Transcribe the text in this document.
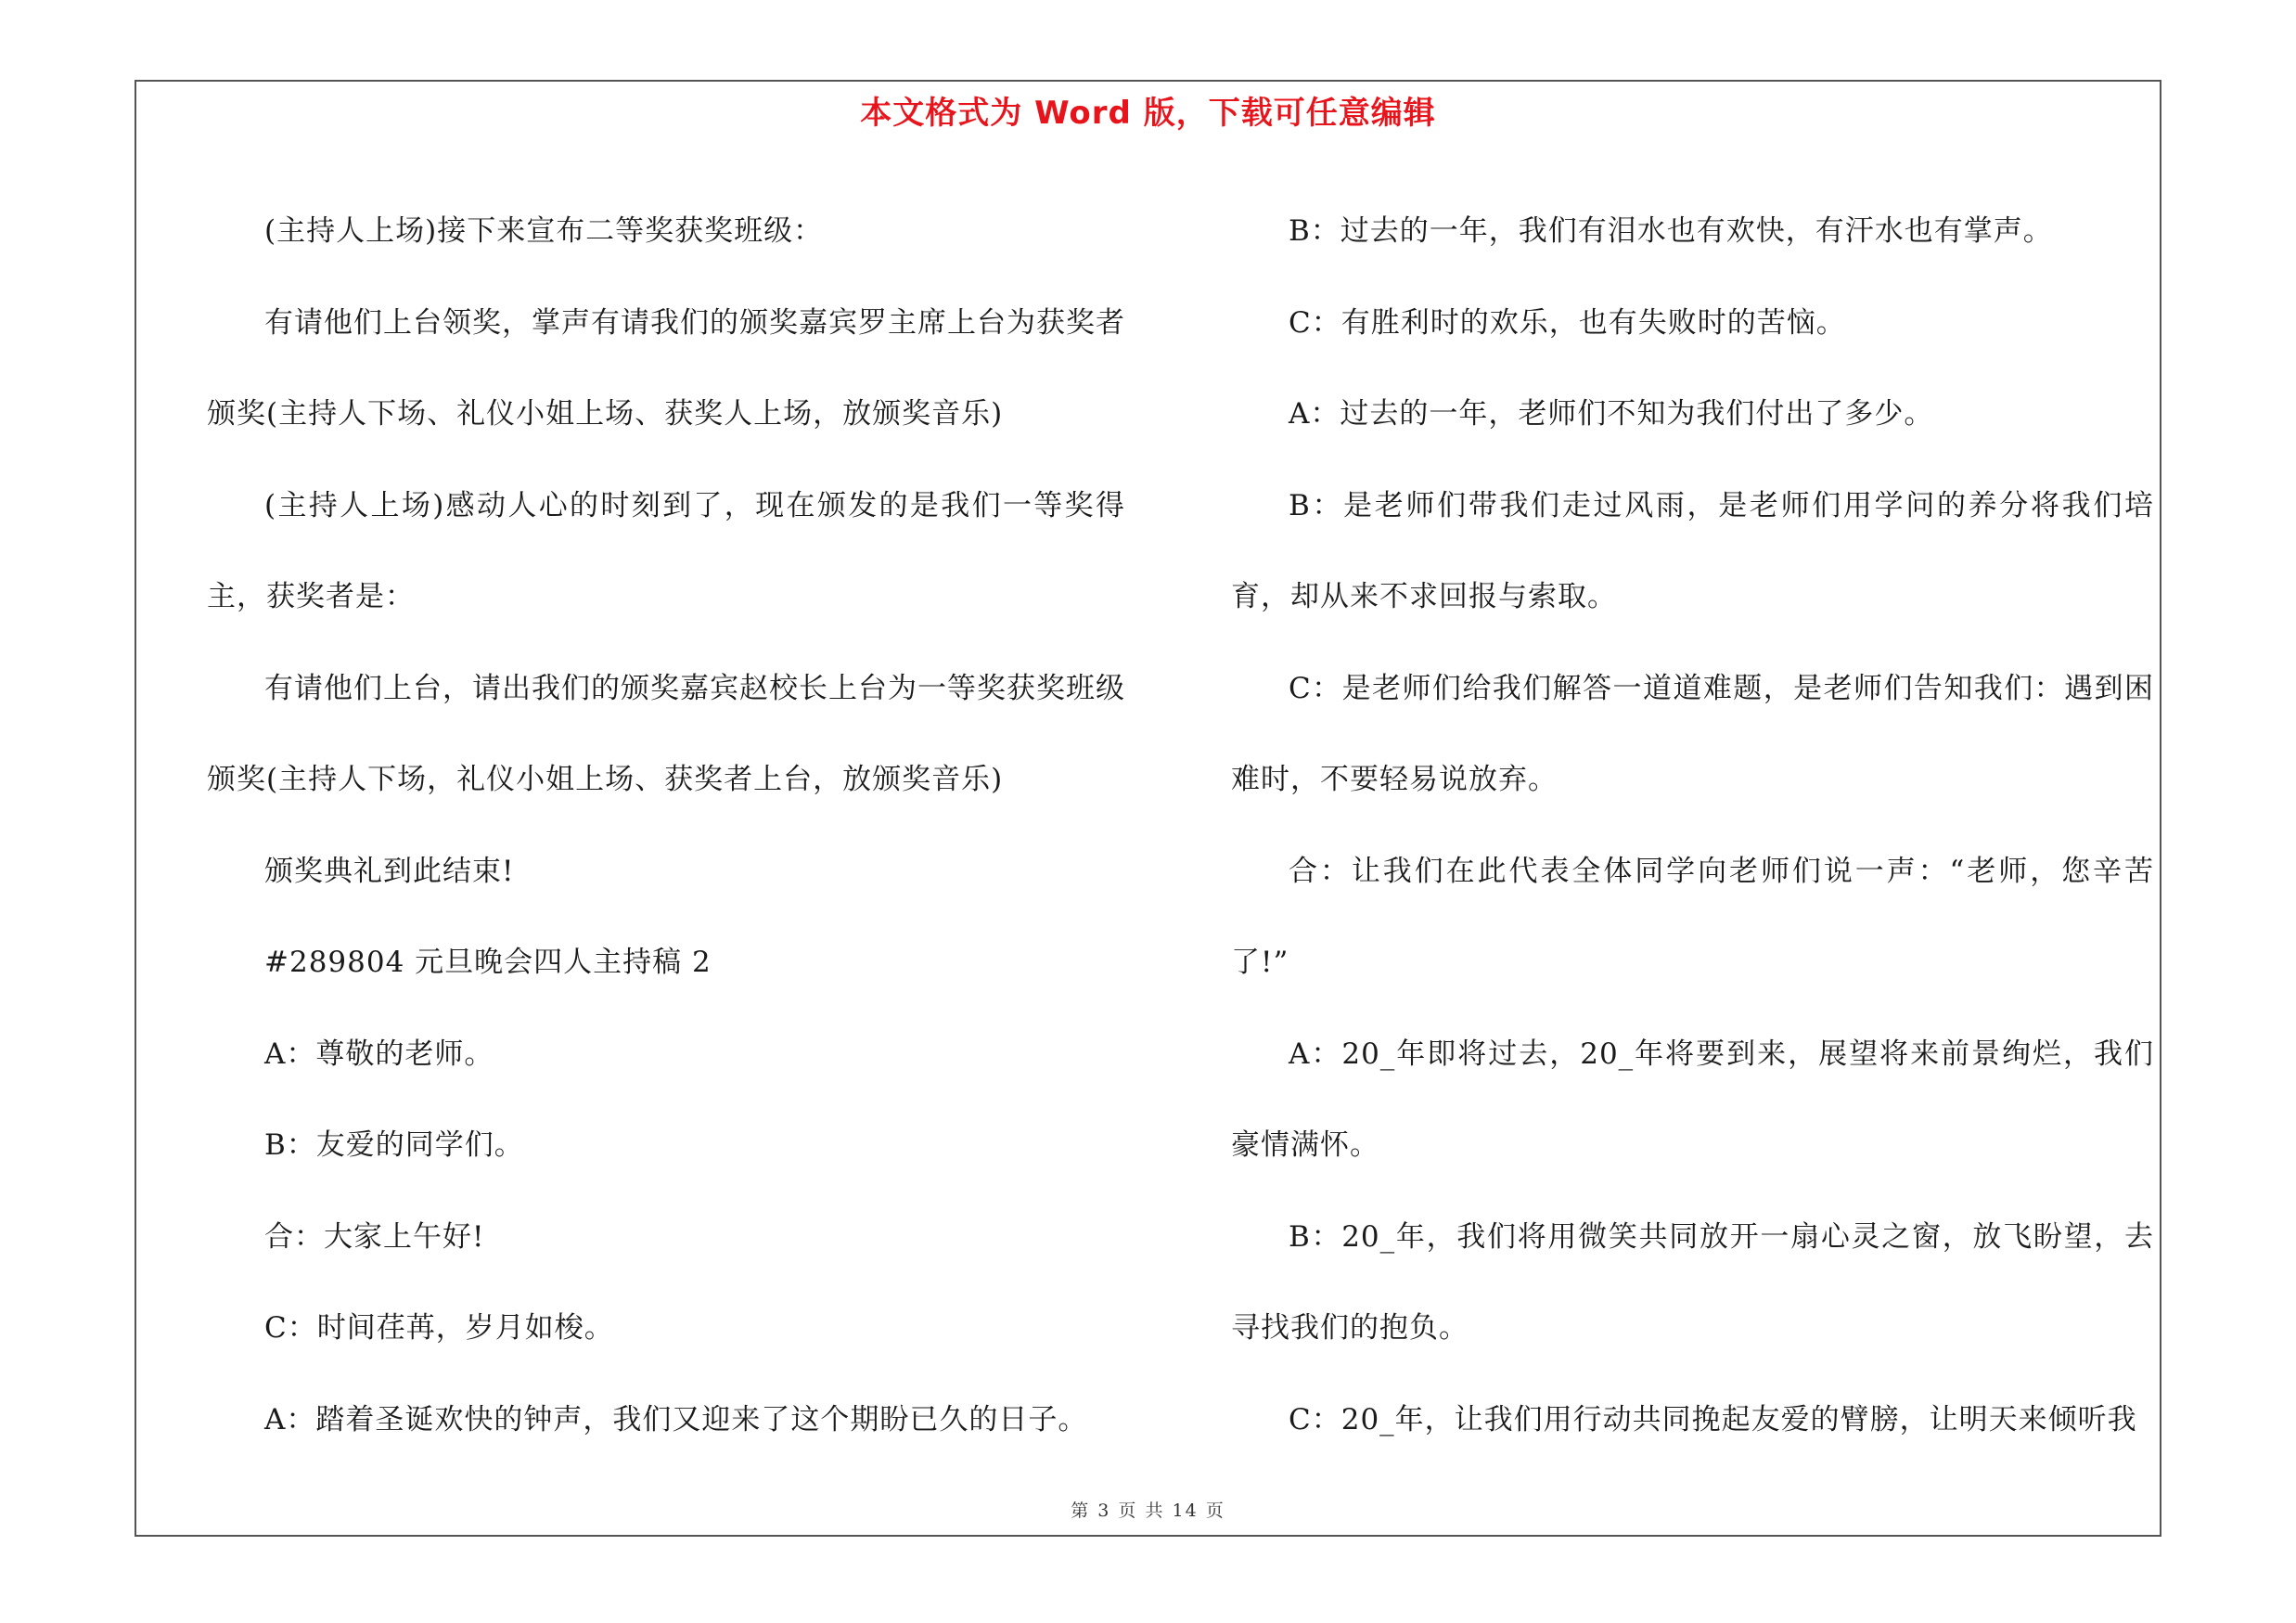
本文格式为 Word 版，下载可任意编辑

(主持人上场)接下来宣布二等奖获奖班级：

有请他们上台领奖，掌声有请我们的颁奖嘉宾罗主席上台为获奖者颁奖(主持人下场、礼仪小姐上场、获奖人上场，放颁奖音乐)

(主持人上场)感动人心的时刻到了，现在颁发的是我们一等奖得主，获奖者是：

有请他们上台，请出我们的颁奖嘉宾赵校长上台为一等奖获奖班级颁奖(主持人下场，礼仪小姐上场、获奖者上台，放颁奖音乐)

颁奖典礼到此结束!

#289804 元旦晚会四人主持稿 2

A：尊敬的老师。

B：友爱的同学们。

合：大家上午好!

C：时间荏苒，岁月如梭。

A：踏着圣诞欢快的钟声，我们又迎来了这个期盼已久的日子。

B：过去的一年，我们有泪水也有欢快，有汗水也有掌声。

C：有胜利时的欢乐，也有失败时的苦恼。

A：过去的一年，老师们不知为我们付出了多少。

B：是老师们带我们走过风雨，是老师们用学问的养分将我们培育，却从来不求回报与索取。

C：是老师们给我们解答一道道难题，是老师们告知我们：遇到困难时，不要轻易说放弃。

合：让我们在此代表全体同学向老师们说一声：“老师，您辛苦了!”

A：20_年即将过去，20_年将要到来，展望将来前景绚烂，我们豪情满怀。

B：20_年，我们将用微笑共同放开一扇心灵之窗，放飞盼望，去寻找我们的抱负。

C：20_年，让我们用行动共同挽起友爱的臂膀，让明天来倾听我

第 3 页 共 14 页
